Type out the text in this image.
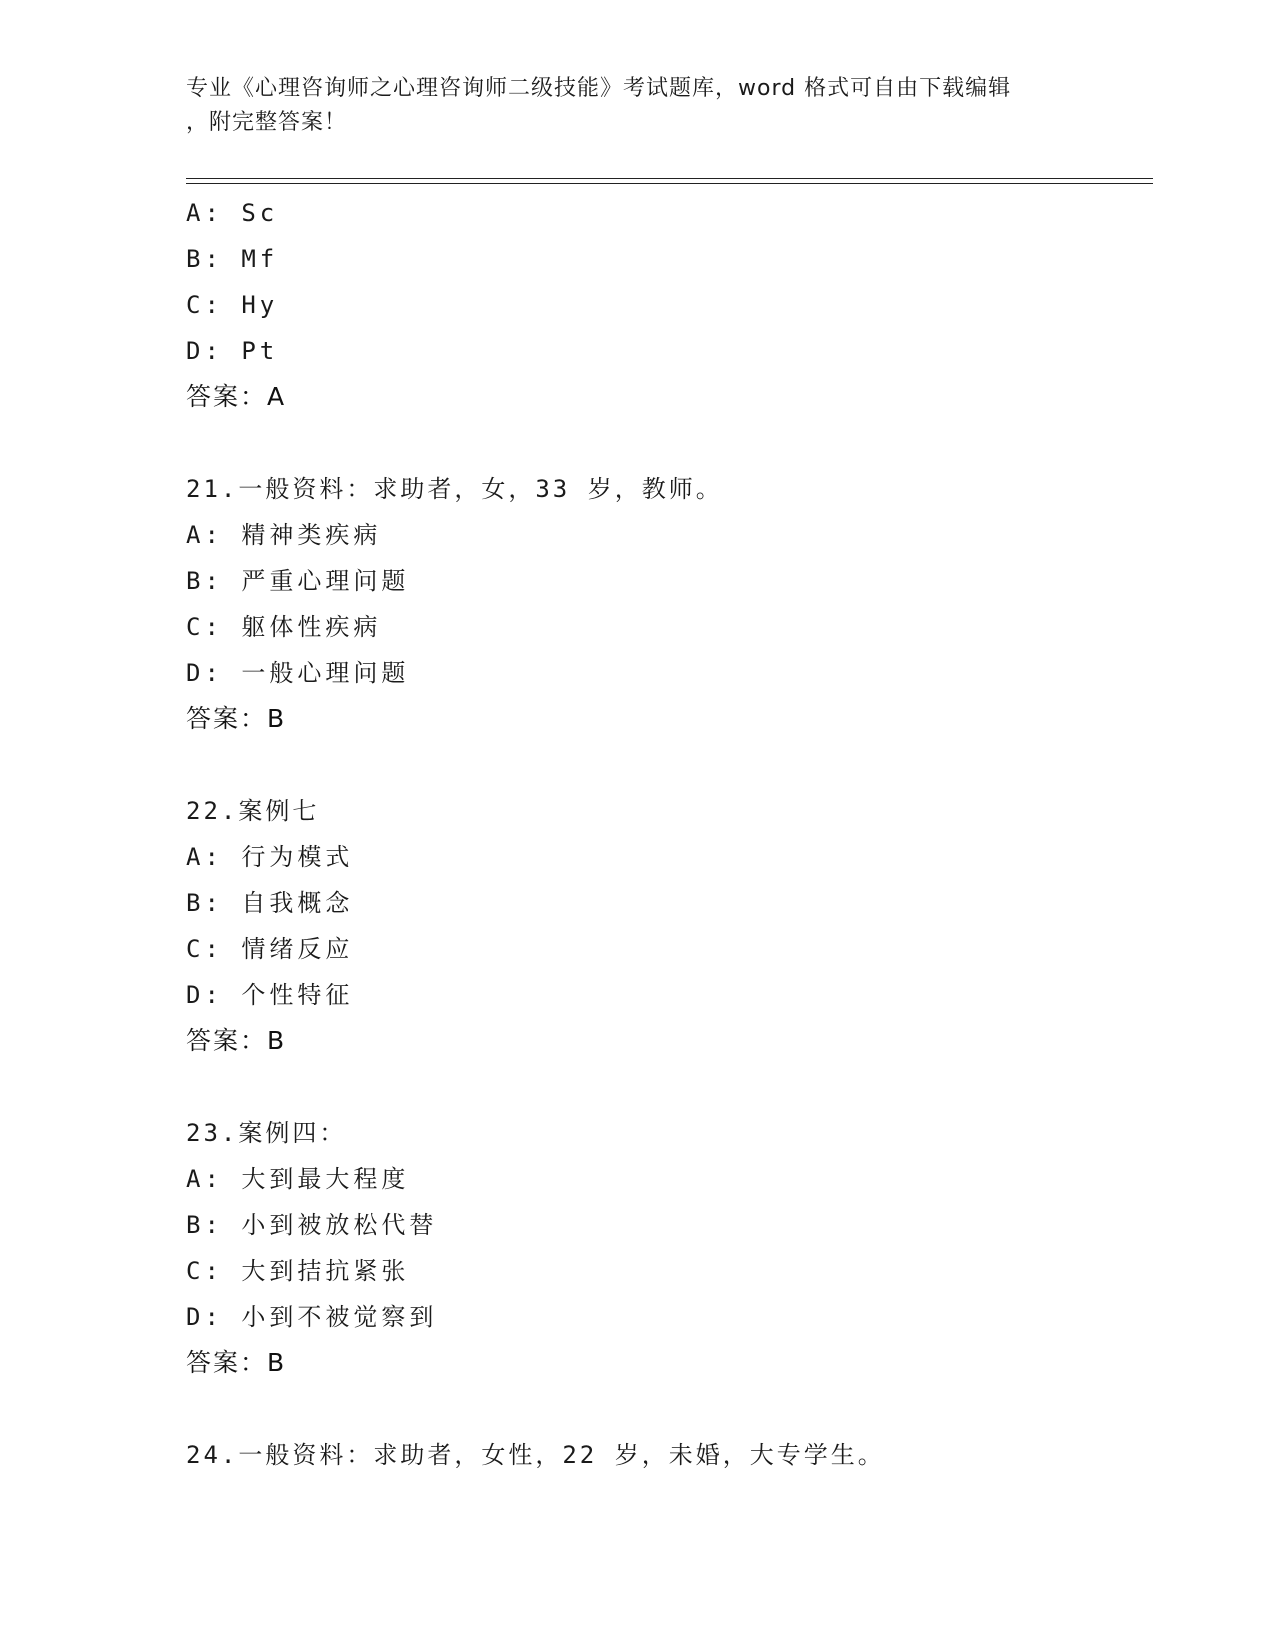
专业《心理咨询师之心理咨询师二级技能》考试题库，word 格式可自由下载编辑
，附完整答案！
A: Sc
B: Mf
C: Hy
D: Pt
答案：A
21.一般资料：求助者，女，33 岁，教师。
A: 精神类疾病
B: 严重心理问题
C: 躯体性疾病
D: 一般心理问题
答案：B
22.案例七
A: 行为模式
B: 自我概念
C: 情绪反应
D: 个性特征
答案：B
23.案例四：
A: 大到最大程度
B: 小到被放松代替
C: 大到拮抗紧张
D: 小到不被觉察到
答案：B
24.一般资料：求助者，女性，22 岁，未婚，大专学生。
